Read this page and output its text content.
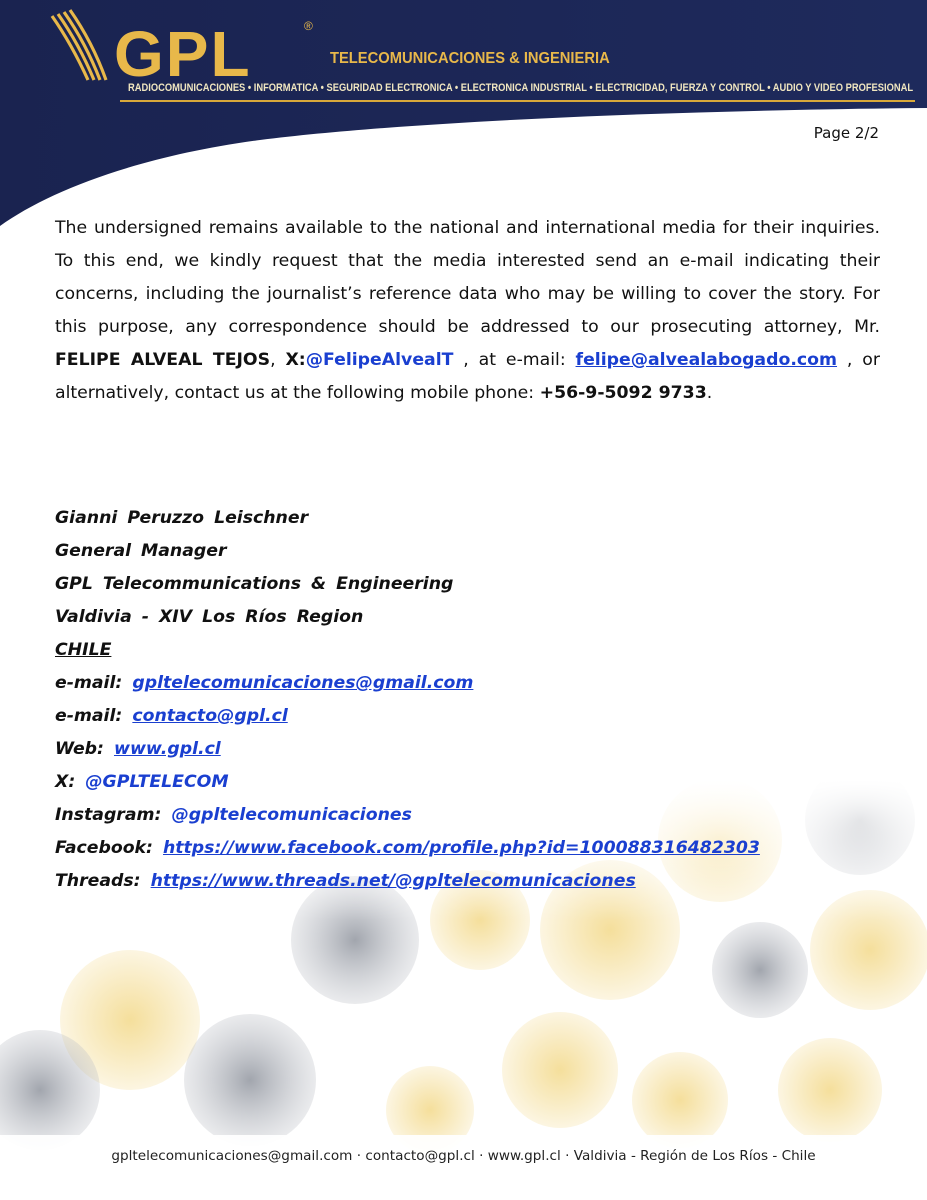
GPL	®
TELECOMUNICACIONES & INGENIERIA
RADIOCOMUNICACIONES • INFORMATICA • SEGURIDAD ELECTRONICA • ELECTRONICA INDUSTRIAL • ELECTRICIDAD, FUERZA Y CONTROL • AUDIO Y VIDEO PROFESIONAL
Page 2/2

The undersigned remains available to the national and international media for their inquiries. To this end, we kindly request that the media interested send an e-mail indicating their concerns, including the journalist’s reference data who may be willing to cover the story. For this purpose, any correspondence should be addressed to our prosecuting attorney, Mr. FELIPE ALVEAL TEJOS, X:@FelipeAlvealT , at e-mail: felipe@alvealabogado.com , or alternatively, contact us at the following mobile phone: +56-9-5092 9733.

Gianni Peruzzo Leischner
General Manager
GPL Telecommunications & Engineering
Valdivia - XIV Los Ríos Region
CHILE
e-mail: gpltelecomunicaciones@gmail.com
e-mail: contacto@gpl.cl
Web: www.gpl.cl
X: @GPLTELECOM
Instagram: @gpltelecomunicaciones
Facebook: https://www.facebook.com/profile.php?id=100088316482303
Threads: https://www.threads.net/@gpltelecomunicaciones
gpltelecomunicaciones@gmail.com · contacto@gpl.cl · www.gpl.cl · Valdivia - Región de Los Ríos - Chile
